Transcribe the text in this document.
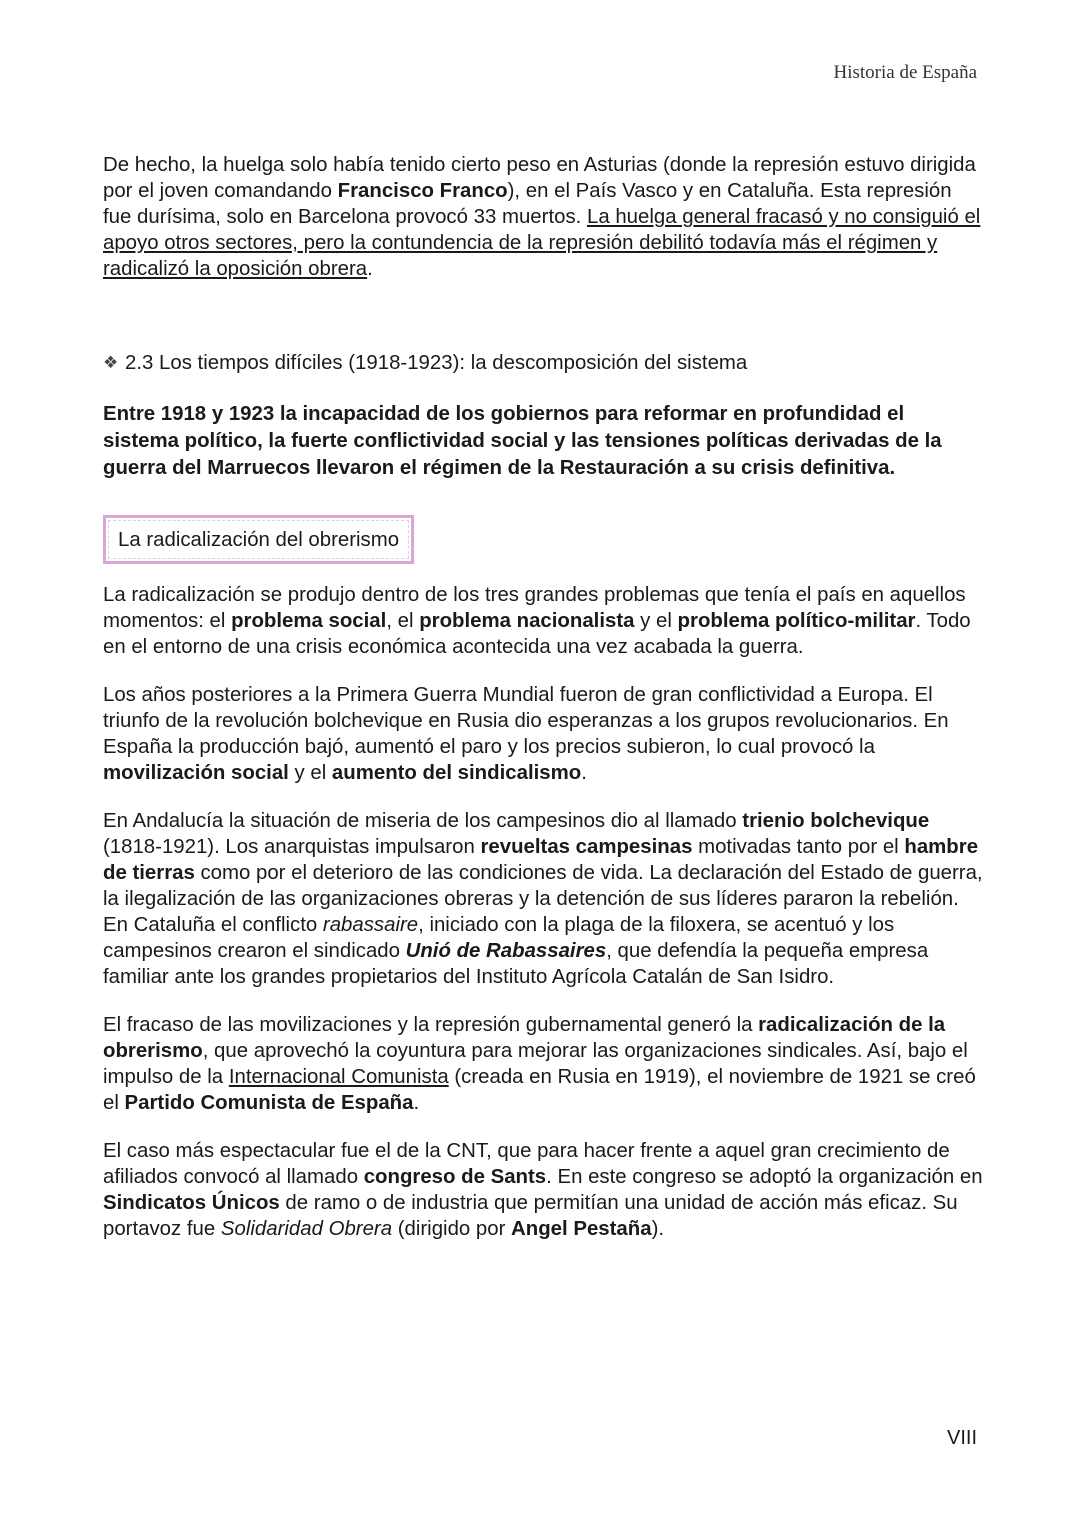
Historia de España

De hecho, la huelga solo había tenido cierto peso en Asturias (donde la represión estuvo dirigida por el joven comandando Francisco Franco), en el País Vasco y en Cataluña. Esta represión fue durísima, solo en Barcelona provocó 33 muertos. La huelga general fracasó y no consiguió el apoyo otros sectores, pero la contundencia de la represión debilitó todavía más el régimen y radicalizó la oposición obrera.

❖ 2.3 Los tiempos difíciles (1918-1923): la descomposición del sistema

Entre 1918 y 1923 la incapacidad de los gobiernos para reformar en profundidad el sistema político, la fuerte conflictividad social y las tensiones políticas derivadas de la guerra del Marruecos llevaron el régimen de la Restauración a su crisis definitiva.

La radicalización del obrerismo

La radicalización se produjo dentro de los tres grandes problemas que tenía el país en aquellos momentos: el problema social, el problema nacionalista y el problema político-militar. Todo en el entorno de una crisis económica acontecida una vez acabada la guerra.

Los años posteriores a la Primera Guerra Mundial fueron de gran conflictividad a Europa. El triunfo de la revolución bolchevique en Rusia dio esperanzas a los grupos revolucionarios. En España la producción bajó, aumentó el paro y los precios subieron, lo cual provocó la movilización social y el aumento del sindicalismo.

En Andalucía la situación de miseria de los campesinos dio al llamado trienio bolchevique (1818-1921). Los anarquistas impulsaron revueltas campesinas motivadas tanto por el hambre de tierras como por el deterioro de las condiciones de vida. La declaración del Estado de guerra, la ilegalización de las organizaciones obreras y la detención de sus líderes pararon la rebelión. En Cataluña el conflicto rabassaire, iniciado con la plaga de la filoxera, se acentuó y los campesinos crearon el sindicado Unió de Rabassaires, que defendía la pequeña empresa familiar ante los grandes propietarios del Instituto Agrícola Catalán de San Isidro.

El fracaso de las movilizaciones y la represión gubernamental generó la radicalización de la obrerismo, que aprovechó la coyuntura para mejorar las organizaciones sindicales. Así, bajo el impulso de la Internacional Comunista (creada en Rusia en 1919), el noviembre de 1921 se creó el Partido Comunista de España.

El caso más espectacular fue el de la CNT, que para hacer frente a aquel gran crecimiento de afiliados convocó al llamado congreso de Sants. En este congreso se adoptó la organización en Sindicatos Únicos de ramo o de industria que permitían una unidad de acción más eficaz. Su portavoz fue Solidaridad Obrera (dirigido por Angel Pestaña).

VIII
